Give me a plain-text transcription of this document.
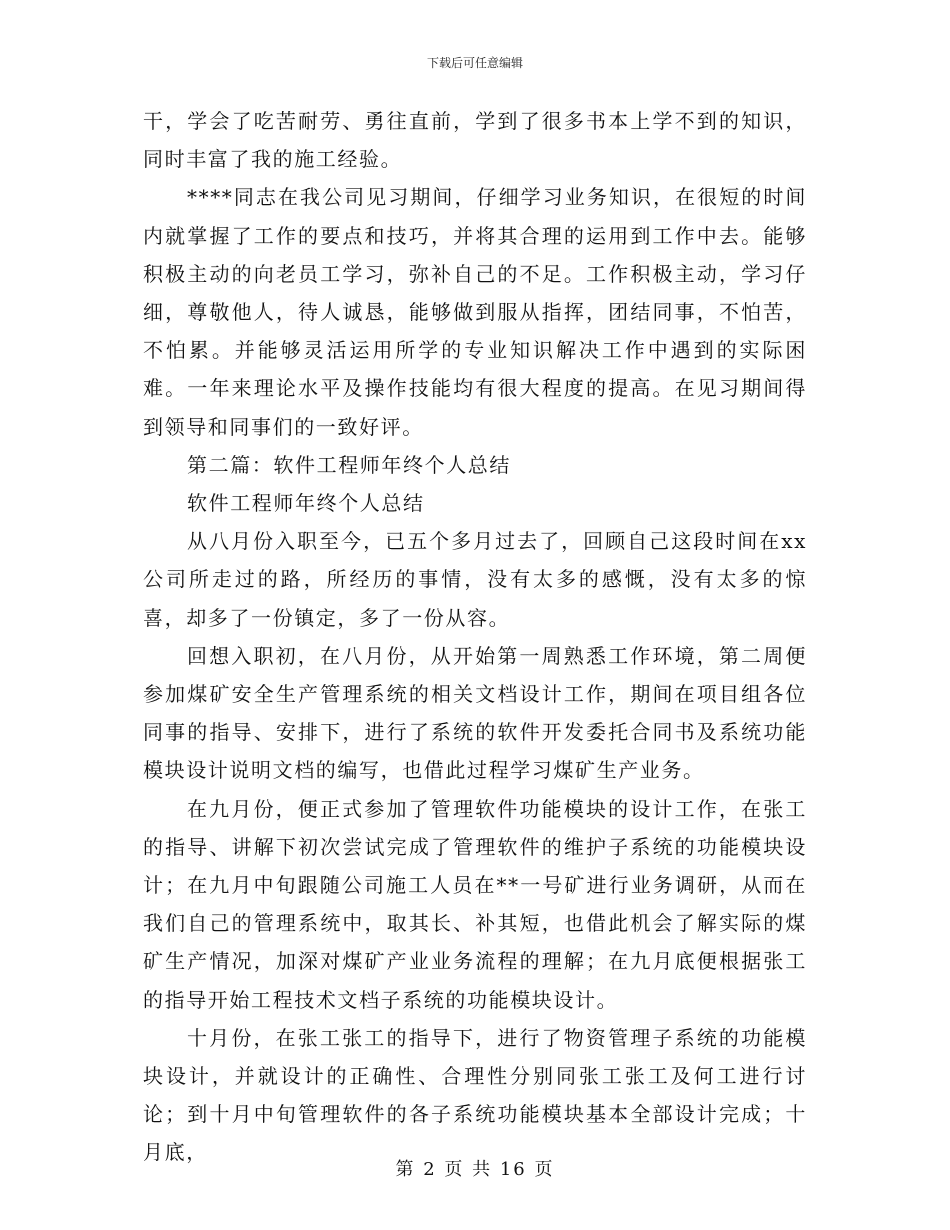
下载后可任意编辑

干，学会了吃苦耐劳、勇往直前，学到了很多书本上学不到的知识，同时丰富了我的施工经验。

****同志在我公司见习期间，仔细学习业务知识，在很短的时间内就掌握了工作的要点和技巧，并将其合理的运用到工作中去。能够积极主动的向老员工学习，弥补自己的不足。工作积极主动，学习仔细，尊敬他人，待人诚恳，能够做到服从指挥，团结同事，不怕苦，不怕累。并能够灵活运用所学的专业知识解决工作中遇到的实际困难。一年来理论水平及操作技能均有很大程度的提高。在见习期间得到领导和同事们的一致好评。

第二篇：软件工程师年终个人总结

软件工程师年终个人总结

从八月份入职至今，已五个多月过去了，回顾自己这段时间在xx公司所走过的路，所经历的事情，没有太多的感慨，没有太多的惊喜，却多了一份镇定，多了一份从容。

回想入职初，在八月份，从开始第一周熟悉工作环境，第二周便参加煤矿安全生产管理系统的相关文档设计工作，期间在项目组各位同事的指导、安排下，进行了系统的软件开发委托合同书及系统功能模块设计说明文档的编写，也借此过程学习煤矿生产业务。

在九月份，便正式参加了管理软件功能模块的设计工作，在张工的指导、讲解下初次尝试完成了管理软件的维护子系统的功能模块设计；在九月中旬跟随公司施工人员在**一号矿进行业务调研，从而在我们自己的管理系统中，取其长、补其短，也借此机会了解实际的煤矿生产情况，加深对煤矿产业业务流程的理解；在九月底便根据张工的指导开始工程技术文档子系统的功能模块设计。

十月份，在张工张工的指导下，进行了物资管理子系统的功能模块设计，并就设计的正确性、合理性分别同张工张工及何工进行讨论；到十月中旬管理软件的各子系统功能模块基本全部设计完成；十月底，

第 2 页 共 16 页
